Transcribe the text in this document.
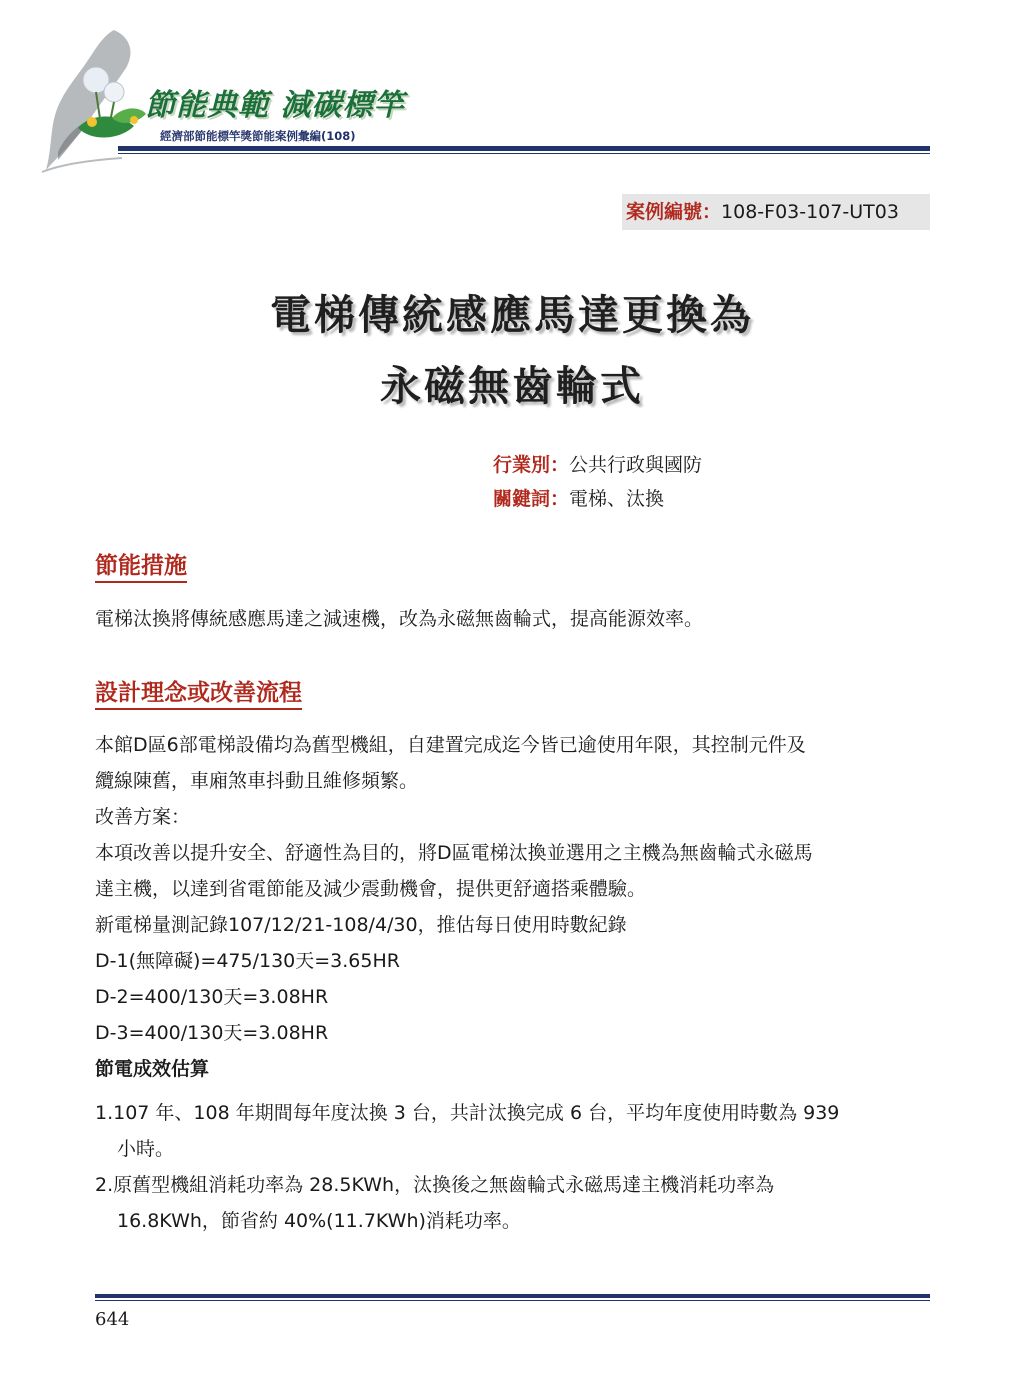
節能典範 減碳標竿
經濟部節能標竿獎節能案例彙編(108)
案例編號：108-F03-107-UT03
電梯傳統感應馬達更換為
永磁無齒輪式
行業別：公共行政與國防
關鍵詞：電梯、汰換
節能措施
電梯汰換將傳統感應馬達之減速機，改為永磁無齒輪式，提高能源效率。
設計理念或改善流程
本館D區6部電梯設備均為舊型機組，自建置完成迄今皆已逾使用年限，其控制元件及
纜線陳舊，車廂煞車抖動且維修頻繁。
改善方案：
本項改善以提升安全、舒適性為目的，將D區電梯汰換並選用之主機為無齒輪式永磁馬
達主機，以達到省電節能及減少震動機會，提供更舒適搭乘體驗。
新電梯量測記錄107/12/21-108/4/30，推估每日使用時數紀錄
D-1(無障礙)=475/130天=3.65HR
D-2=400/130天=3.08HR
D-3=400/130天=3.08HR
節電成效估算
1.107 年、108 年期間每年度汰換 3 台，共計汰換完成 6 台，平均年度使用時數為 939
小時。
2.原舊型機組消耗功率為 28.5KWh，汰換後之無齒輪式永磁馬達主機消耗功率為
16.8KWh，節省約 40%(11.7KWh)消耗功率。
644
